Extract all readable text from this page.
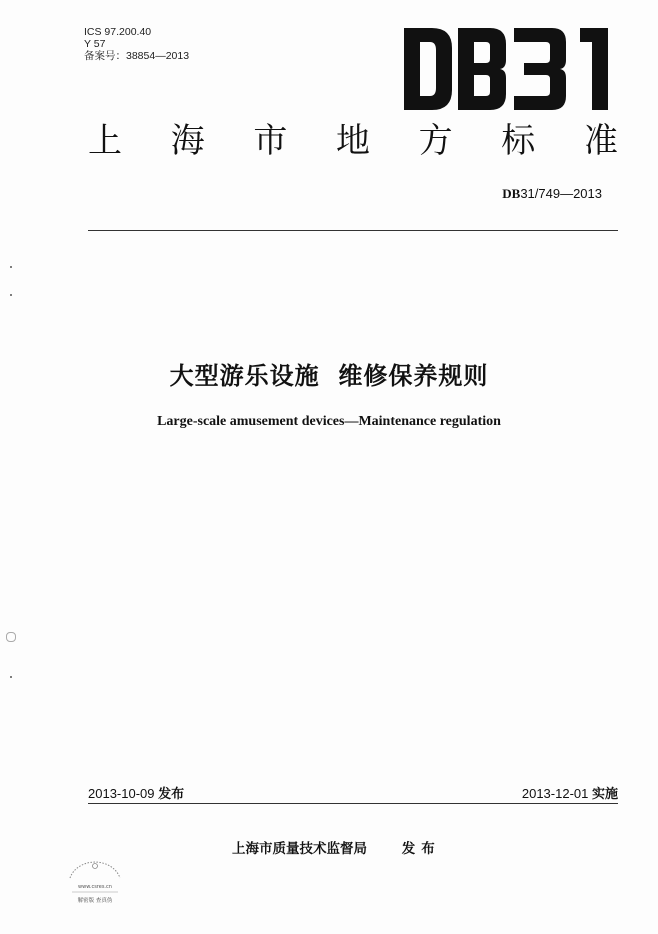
ICS 97.200.40
Y 57
备案号：38854—2013
上 海 市 地 方 标 准
DB31/749—2013
大型游乐设施  维修保养规则
Large-scale amusement devices—Maintenance regulation
2013-10-09 发布	2013-12-01 实施
上海市质量技术监督局	发布
www.csres.cn
解密版 查真伪
